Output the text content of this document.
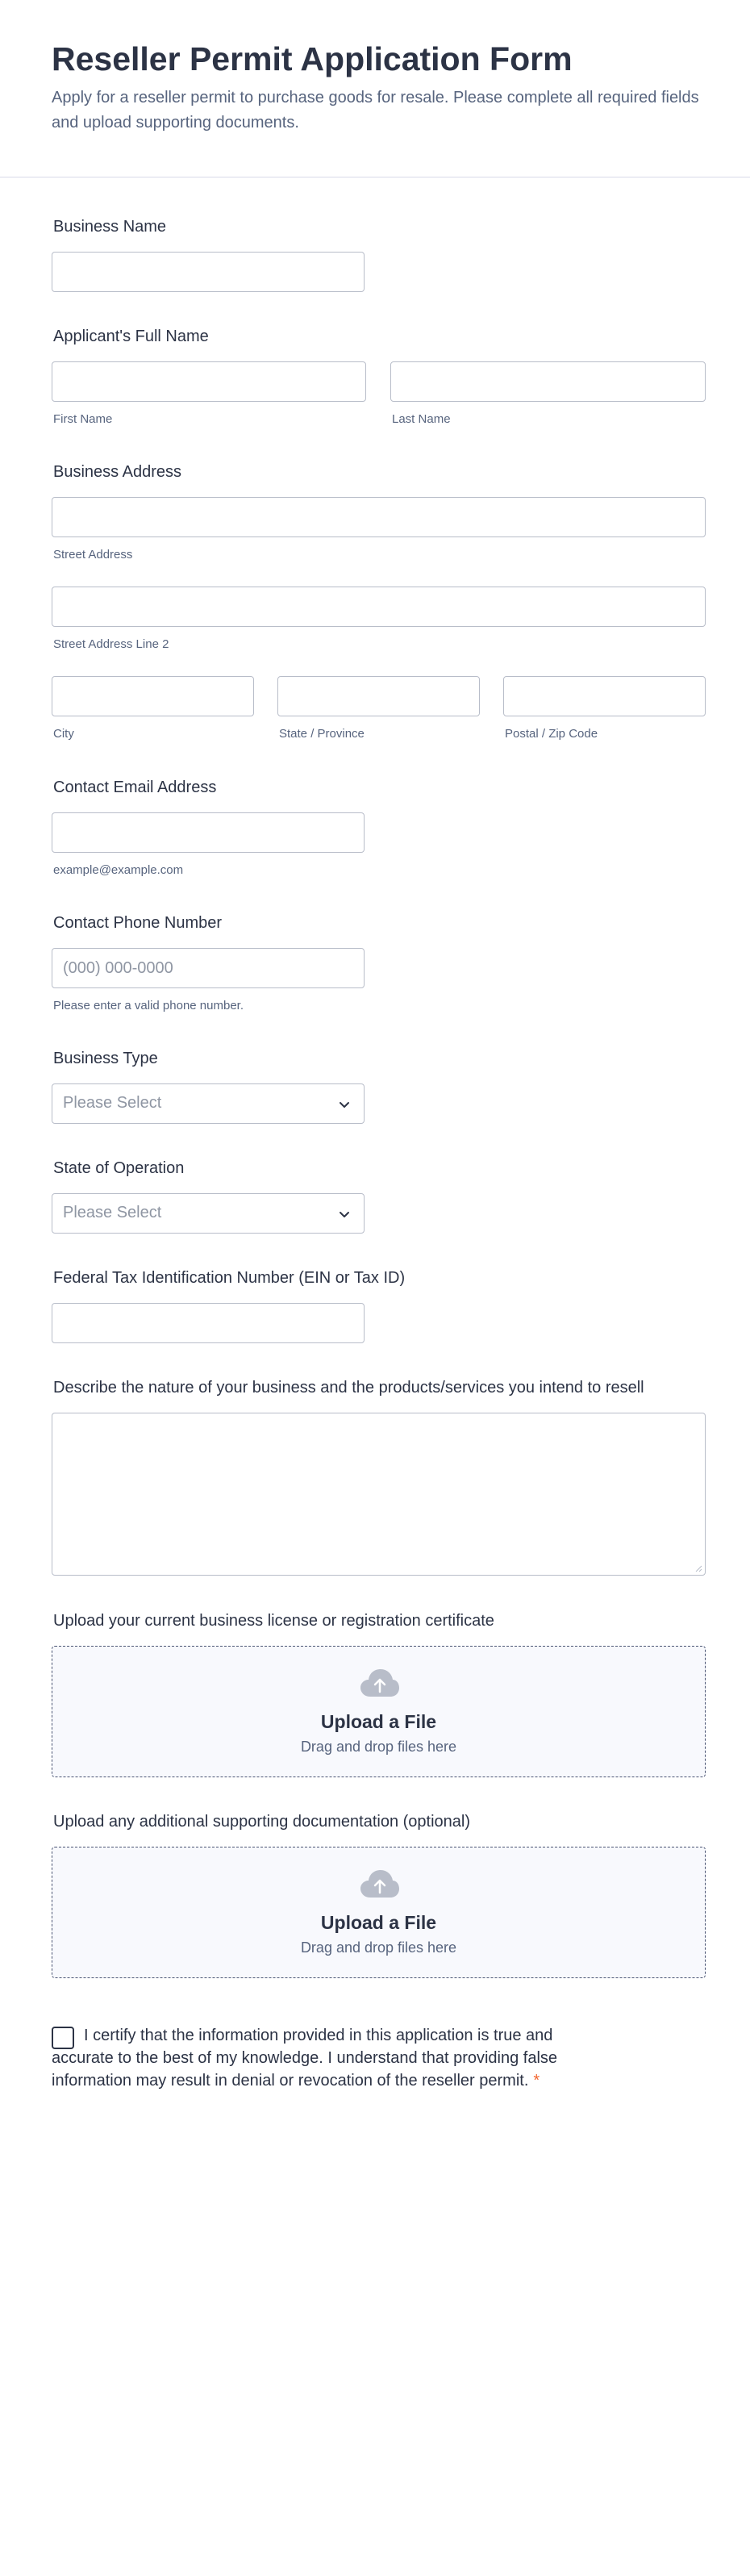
Reseller Permit Application Form
Apply for a reseller permit to purchase goods for resale. Please complete all required fields and upload supporting documents.
Business Name
Applicant's Full Name
First Name	Last Name
Business Address
Street Address
Street Address Line 2
City	State / Province	Postal / Zip Code
Contact Email Address
example@example.com
Contact Phone Number
(000) 000-0000
Please enter a valid phone number.
Business Type
Please Select
State of Operation
Please Select
Federal Tax Identification Number (EIN or Tax ID)
Describe the nature of your business and the products/services you intend to resell
Upload your current business license or registration certificate
Upload a File
Drag and drop files here
Upload any additional supporting documentation (optional)
Upload a File
Drag and drop files here
I certify that the information provided in this application is true and accurate to the best of my knowledge. I understand that providing false information may result in denial or revocation of the reseller permit. *
